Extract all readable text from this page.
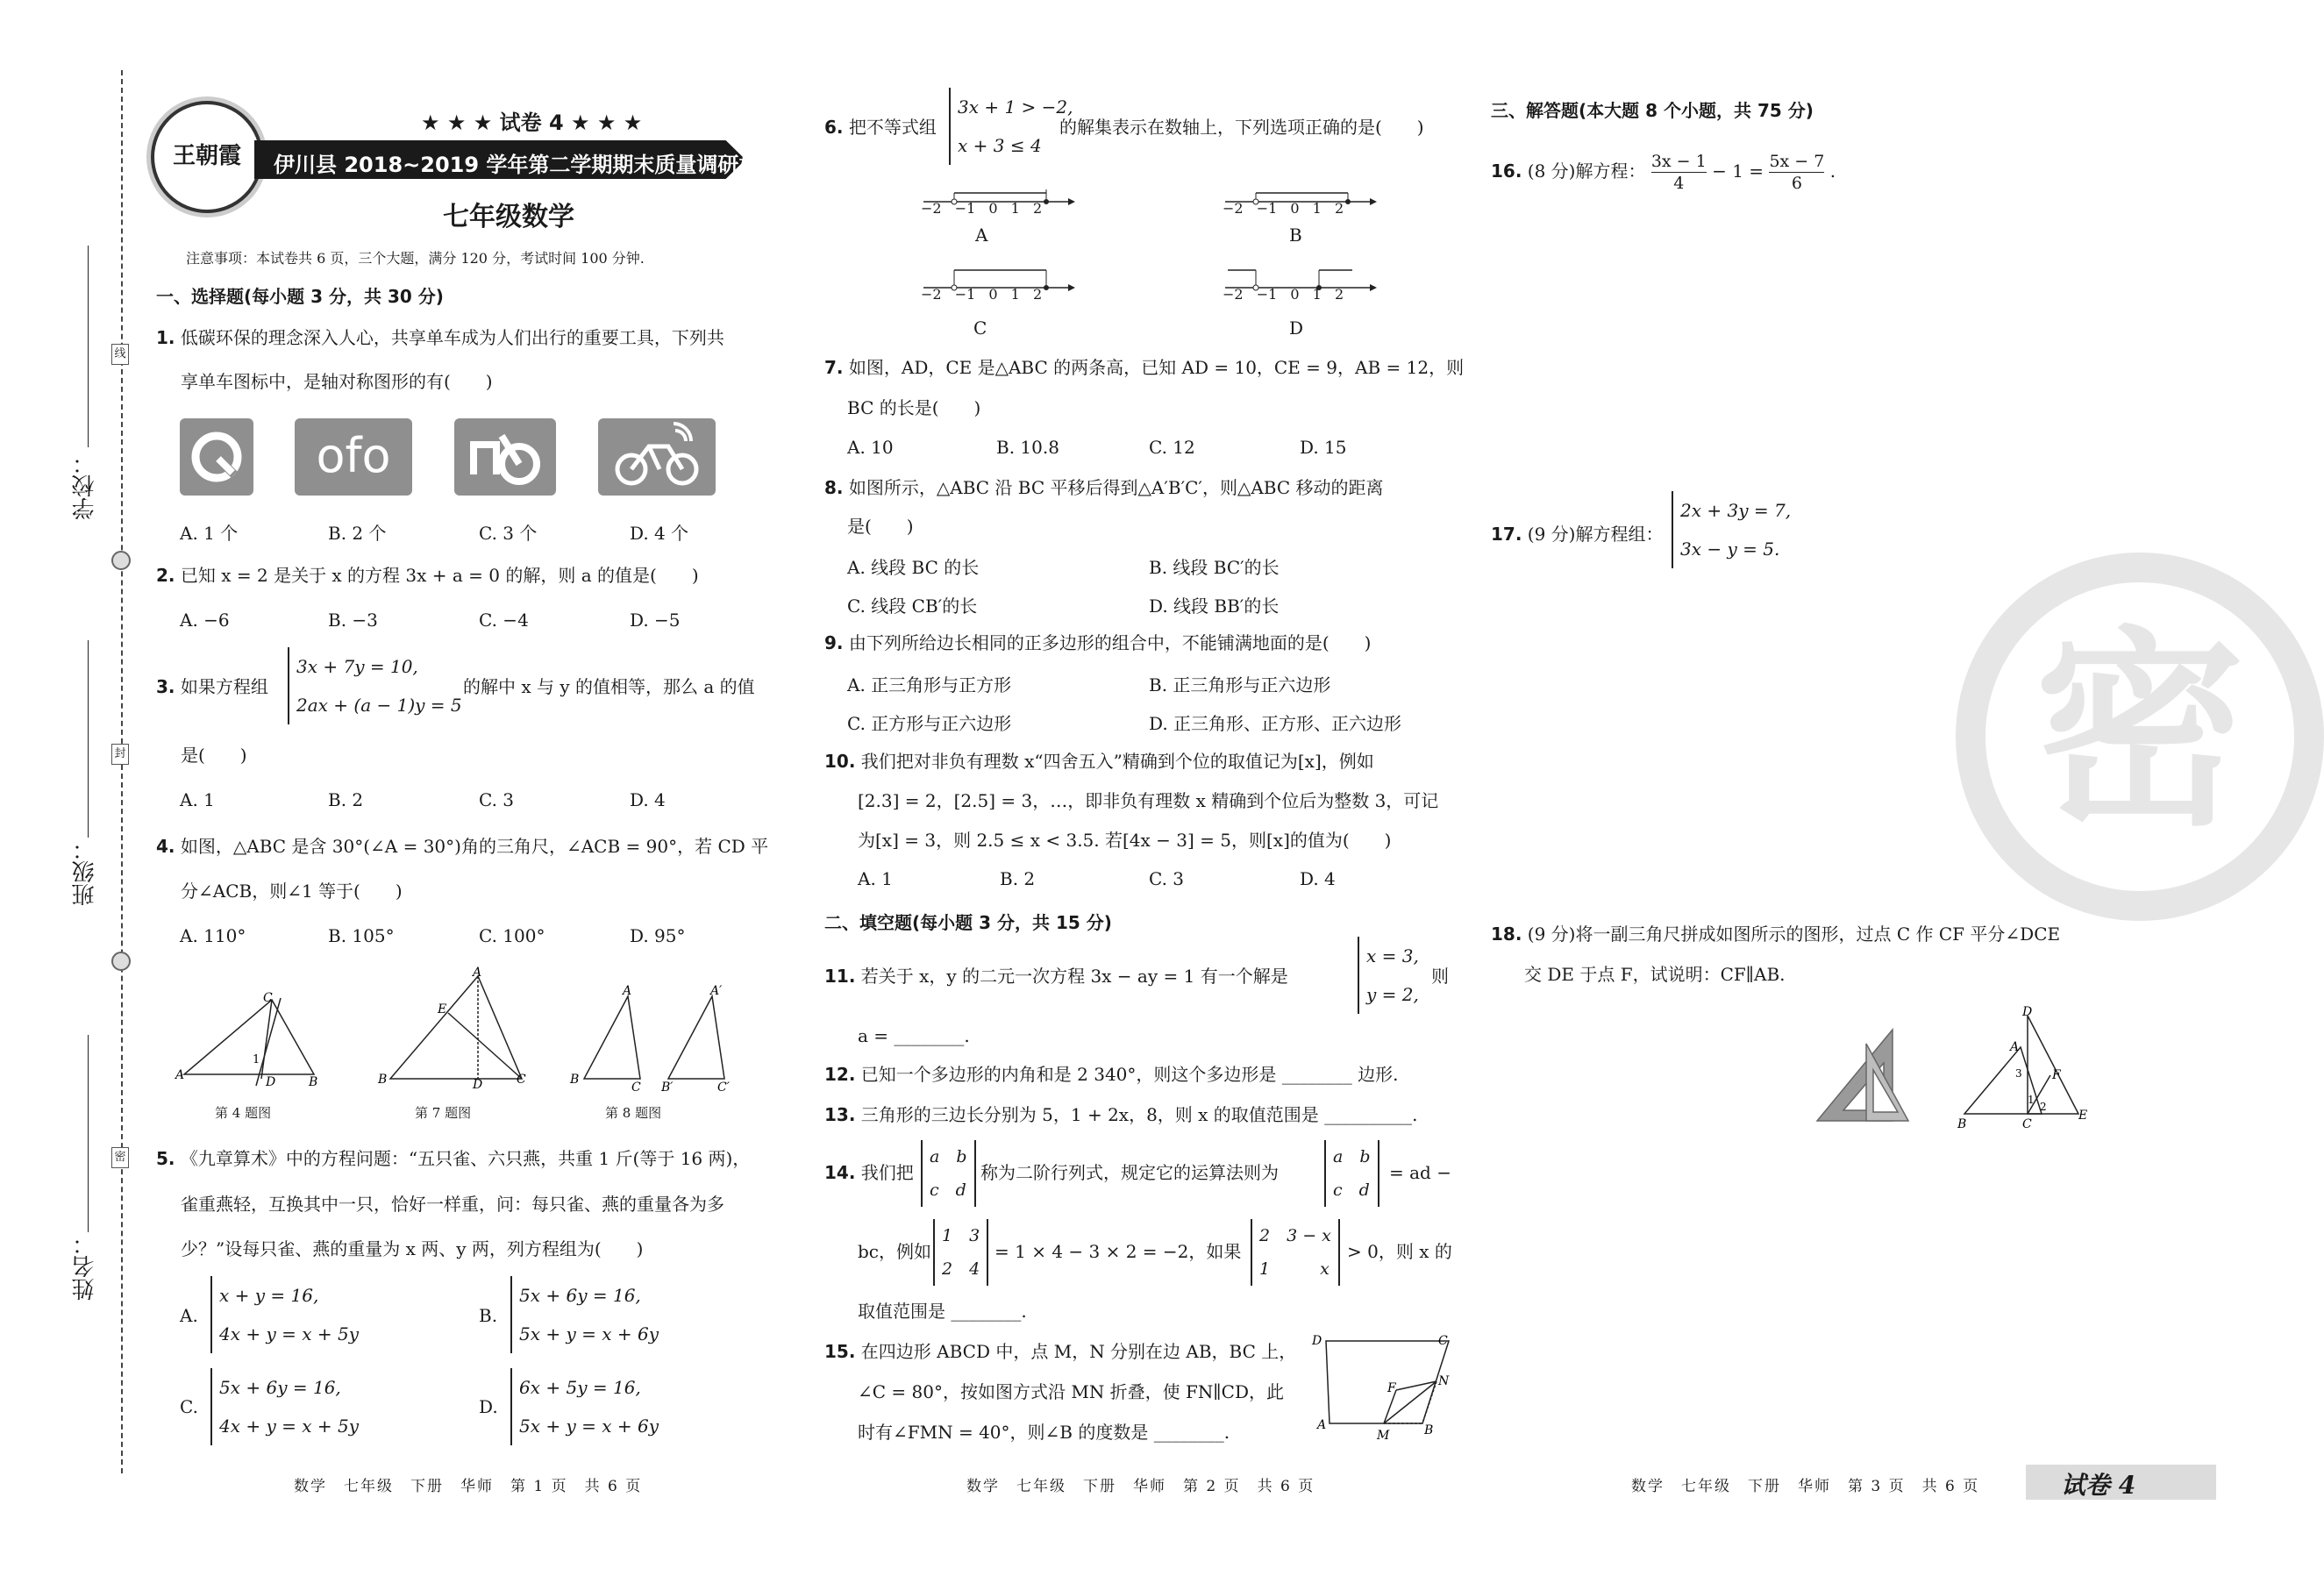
线
封
密
学校：
班级：
姓名：
王朝霞
★ ★ ★ 试卷 4 ★ ★ ★
伊川县 2018~2019 学年第二学期期末质量调研检测试卷
七年级数学
注意事项：本试卷共 6 页，三个大题，满分 120 分，考试时间 100 分钟.
一、选择题(每小题 3 分，共 30 分)
1. 低碳环保的理念深入人心，共享单车成为人们出行的重要工具，下列共
享单车图标中，是轴对称图形的有(　　)
ofo
A. 1 个	B. 2 个	C. 3 个	D. 4 个
2. 已知 x = 2 是关于 x 的方程 3x + a = 0 的解，则 a 的值是(　　)
A. −6	B. −3	C. −4	D. −5
3. 如果方程组
3x + 7y = 10,
2ax + (a − 1)y = 5
的解中 x 与 y 的值相等，那么 a 的值
是(　　)
A. 1	B. 2	C. 3	D. 4
4. 如图，△ABC 是含 30°(∠A = 30°)角的三角尺，∠ACB = 90°，若 CD 平
分∠ACB，则∠1 等于(　　)
A. 110°	B. 105°	C. 100°	D. 95°
A	B
C
D
1
第 4 题图
B	C
A
E
D
第 7 题图
B
C
A
B′	C′
A′
第 8 题图
5. 《九章算术》中的方程问题：“五只雀、六只燕，共重 1 斤(等于 16 两)，
雀重燕轻，互换其中一只，恰好一样重，问：每只雀、燕的重量各为多
少？”设每只雀、燕的重量为 x 两、y 两，列方程组为(　　)
A.
x + y = 16,
4x + y = x + 5y
B.
5x + 6y = 16,
5x + y = x + 6y
C.
5x + 6y = 16,
4x + y = x + 5y
D.
6x + 5y = 16,
5x + y = x + 6y
数学　七年级　下册　华师　第 1 页　共 6 页
6. 把不等式组
3x + 1 > −2,
x + 3 ≤ 4
的解集表示在数轴上，下列选项正确的是(　　)
−2 −1 0 1 2	−2 −1 0 1 2
−2 −1 0 1 2	−2 −1 0 1 2
A	B
C	D
7. 如图，AD，CE 是△ABC 的两条高，已知 AD = 10，CE = 9，AB = 12，则
BC 的长是(　　)
A. 10	B. 10.8	C. 12	D. 15
8. 如图所示，△ABC 沿 BC 平移后得到△A′B′C′，则△ABC 移动的距离
是(　　)
A. 线段 BC 的长	B. 线段 BC′的长
C. 线段 CB′的长	D. 线段 BB′的长
9. 由下列所给边长相同的正多边形的组合中，不能铺满地面的是(　　)
A. 正三角形与正方形	B. 正三角形与正六边形
C. 正方形与正六边形	D. 正三角形、正方形、正六边形
10. 我们把对非负有理数 x“四舍五入”精确到个位的取值记为[x]，例如
[2.3] = 2，[2.5] = 3，…，即非负有理数 x 精确到个位后为整数 3，可记
为[x] = 3，则 2.5 ≤ x < 3.5. 若[4x − 3] = 5，则[x]的值为(　　)
A. 1	B. 2	C. 3	D. 4
二、填空题(每小题 3 分，共 15 分)
11. 若关于 x，y 的二元一次方程 3x − ay = 1 有一个解是
x = 3,
y = 2,
则
a = ________.
12. 已知一个多边形的内角和是 2 340°，则这个多边形是 ________ 边形.
13. 三角形的三边长分别为 5，1 + 2x，8，则 x 的取值范围是 __________.
14. 我们把
a　b
c　d
称为二阶行列式，规定它的运算法则为
a　b
c　d
= ad −
bc，例如
1　3
2　4
= 1 × 4 − 3 × 2 = −2，如果
2　3 − x
1　　　x
> 0，则 x 的
取值范围是 ________.
15. 在四边形 ABCD 中，点 M，N 分别在边 AB，BC 上，
∠C = 80°，按如图方式沿 MN 折叠，使 FN∥CD，此
时有∠FMN = 40°，则∠B 的度数是 ________.
D	C
F	N
A
M	B
数学　七年级　下册　华师　第 2 页　共 6 页
三、解答题(本大题 8 个小题，共 75 分)
16. (8 分)解方程： $\frac{3x - 1}{4} - 1 = \frac{5x - 7}{6}$ .
17. (9 分)解方程组：
2x + 3y = 7,
3x − y = 5.
密
18. (9 分)将一副三角尺拼成如图所示的图形，过点 C 作 CF 平分∠DCE
交 DE 于点 F，试说明：CF∥AB.
D
A
F
B	C
E
3
1
2
数学　七年级　下册　华师　第 3 页　共 6 页	试卷 4
